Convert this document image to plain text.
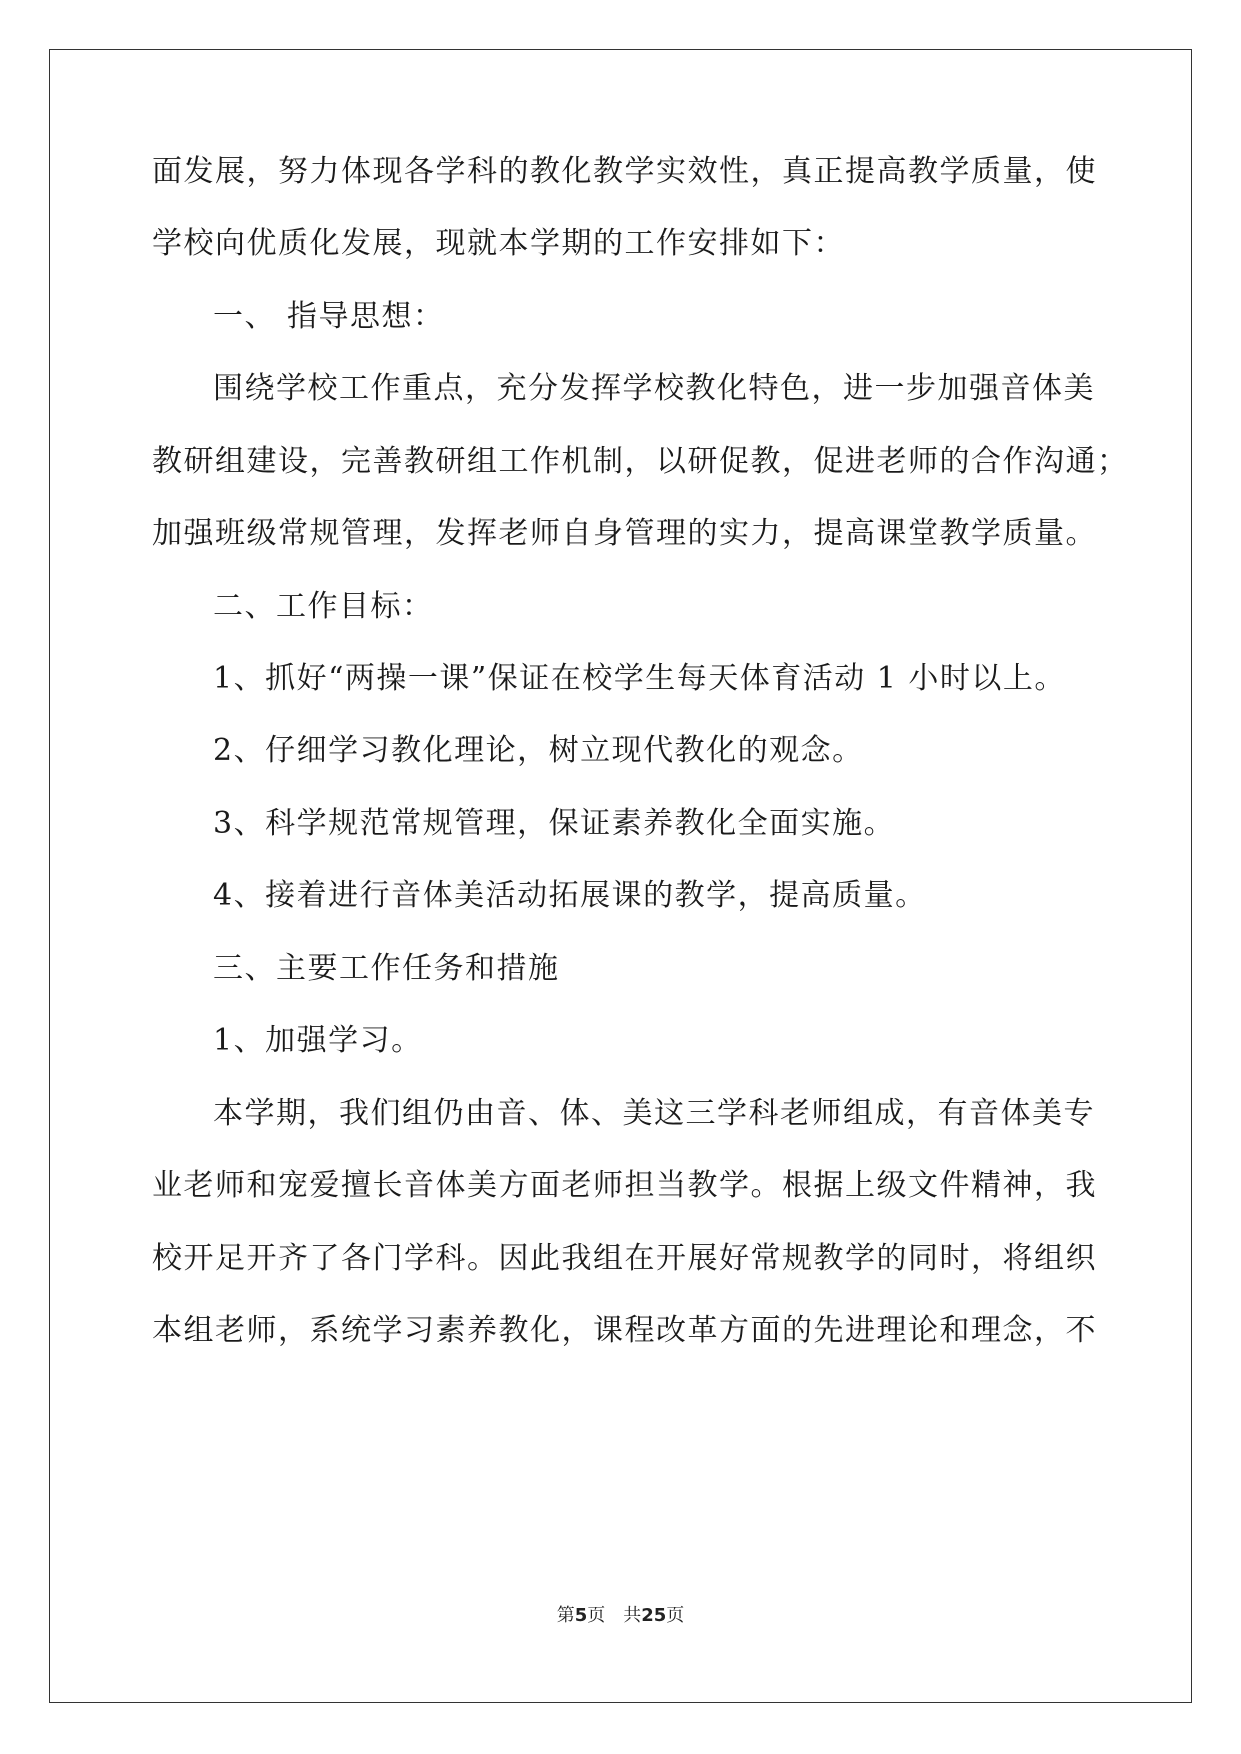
面发展，努力体现各学科的教化教学实效性，真正提高教学质量，使
学校向优质化发展，现就本学期的工作安排如下：
一、 指导思想：
围绕学校工作重点，充分发挥学校教化特色，进一步加强音体美
教研组建设，完善教研组工作机制，以研促教，促进老师的合作沟通；
加强班级常规管理，发挥老师自身管理的实力，提高课堂教学质量。
二、工作目标：
1、抓好“两操一课”保证在校学生每天体育活动 1 小时以上。
2、仔细学习教化理论，树立现代教化的观念。
3、科学规范常规管理，保证素养教化全面实施。
4、接着进行音体美活动拓展课的教学，提高质量。
三、主要工作任务和措施
1、加强学习。
本学期，我们组仍由音、体、美这三学科老师组成，有音体美专
业老师和宠爱擅长音体美方面老师担当教学。根据上级文件精神，我
校开足开齐了各门学科。因此我组在开展好常规教学的同时，将组织
本组老师，系统学习素养教化，课程改革方面的先进理论和理念，不
第5页 共25页
